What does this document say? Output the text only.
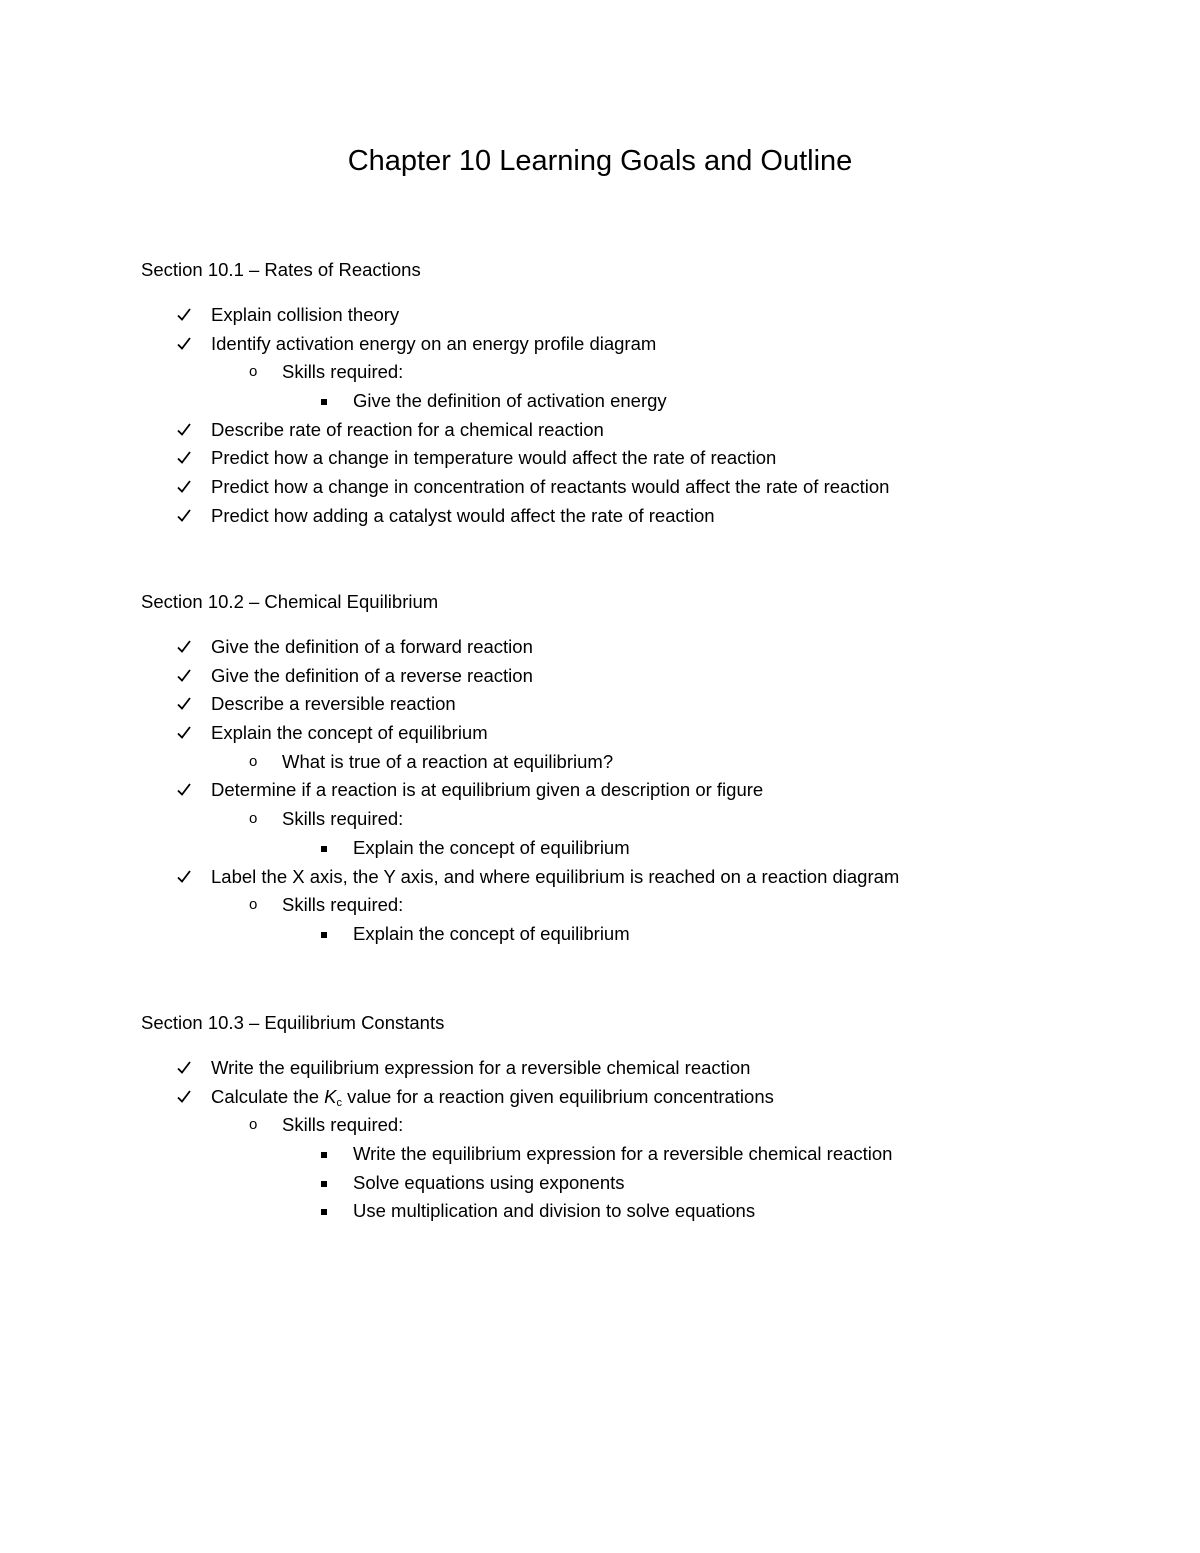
Chapter 10 Learning Goals and Outline
Section 10.1 – Rates of Reactions
Explain collision theory
Identify activation energy on an energy profile diagram
o	Skills required:
Give the definition of activation energy
Describe rate of reaction for a chemical reaction
Predict how a change in temperature would affect the rate of reaction
Predict how a change in concentration of reactants would affect the rate of reaction
Predict how adding a catalyst would affect the rate of reaction
Section 10.2 – Chemical Equilibrium
Give the definition of a forward reaction
Give the definition of a reverse reaction
Describe a reversible reaction
Explain the concept of equilibrium
o	What is true of a reaction at equilibrium?
Determine if a reaction is at equilibrium given a description or figure
o	Skills required:
Explain the concept of equilibrium
Label the X axis, the Y axis, and where equilibrium is reached on a reaction diagram
o	Skills required:
Explain the concept of equilibrium
Section 10.3 – Equilibrium Constants
Write the equilibrium expression for a reversible chemical reaction
Calculate the Kc value for a reaction given equilibrium concentrations
o	Skills required:
Write the equilibrium expression for a reversible chemical reaction
Solve equations using exponents
Use multiplication and division to solve equations
